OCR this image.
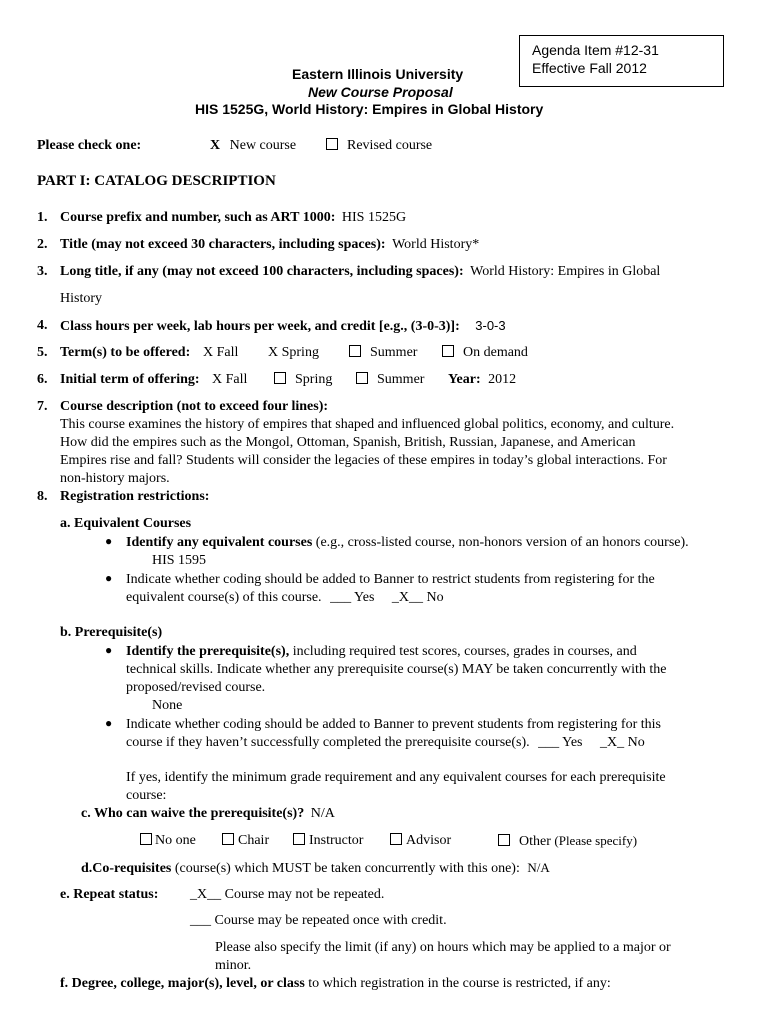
Agenda Item #12-31
Effective Fall 2012
Eastern Illinois University
New Course Proposal
HIS 1525G, World History: Empires in Global History
Please check one:	X New course	Revised course
PART I: CATALOG DESCRIPTION
1. Course prefix and number, such as ART 1000: HIS 1525G
2. Title (may not exceed 30 characters, including spaces): World History*
3. Long title, if any (may not exceed 100 characters, including spaces): World History: Empires in Global
History
4. Class hours per week, lab hours per week, and credit [e.g., (3-0-3)]: 3-0-3
5. Term(s) to be offered: X Fall X Spring	Summer	On demand
6. Initial term of offering: X Fall	Spring	Summer Year: 2012
7. Course description (not to exceed four lines):
This course examines the history of empires that shaped and influenced global politics, economy, and culture.
How did the empires such as the Mongol, Ottoman, Spanish, British, Russian, Japanese, and American
Empires rise and fall? Students will consider the legacies of these empires in today’s global interactions. For
non-history majors.
8. Registration restrictions:
a. Equivalent Courses
● Identify any equivalent courses (e.g., cross-listed course, non-honors version of an honors course).
HIS 1595
● Indicate whether coding should be added to Banner to restrict students from registering for the
equivalent course(s) of this course. ___ Yes _X__ No
b. Prerequisite(s)
● Identify the prerequisite(s), including required test scores, courses, grades in courses, and
technical skills. Indicate whether any prerequisite course(s) MAY be taken concurrently with the
proposed/revised course.
None
● Indicate whether coding should be added to Banner to prevent students from registering for this
course if they haven’t successfully completed the prerequisite course(s). ___ Yes _X_ No
If yes, identify the minimum grade requirement and any equivalent courses for each prerequisite
course:
c. Who can waive the prerequisite(s)? N/A
No one	Chair	Instructor	Advisor	Other (Please specify)
d.Co-requisites (course(s) which MUST be taken concurrently with this one): N/A
e. Repeat status: _X__ Course may not be repeated.
___ Course may be repeated once with credit.
Please also specify the limit (if any) on hours which may be applied to a major or
minor.
f. Degree, college, major(s), level, or class to which registration in the course is restricted, if any:
